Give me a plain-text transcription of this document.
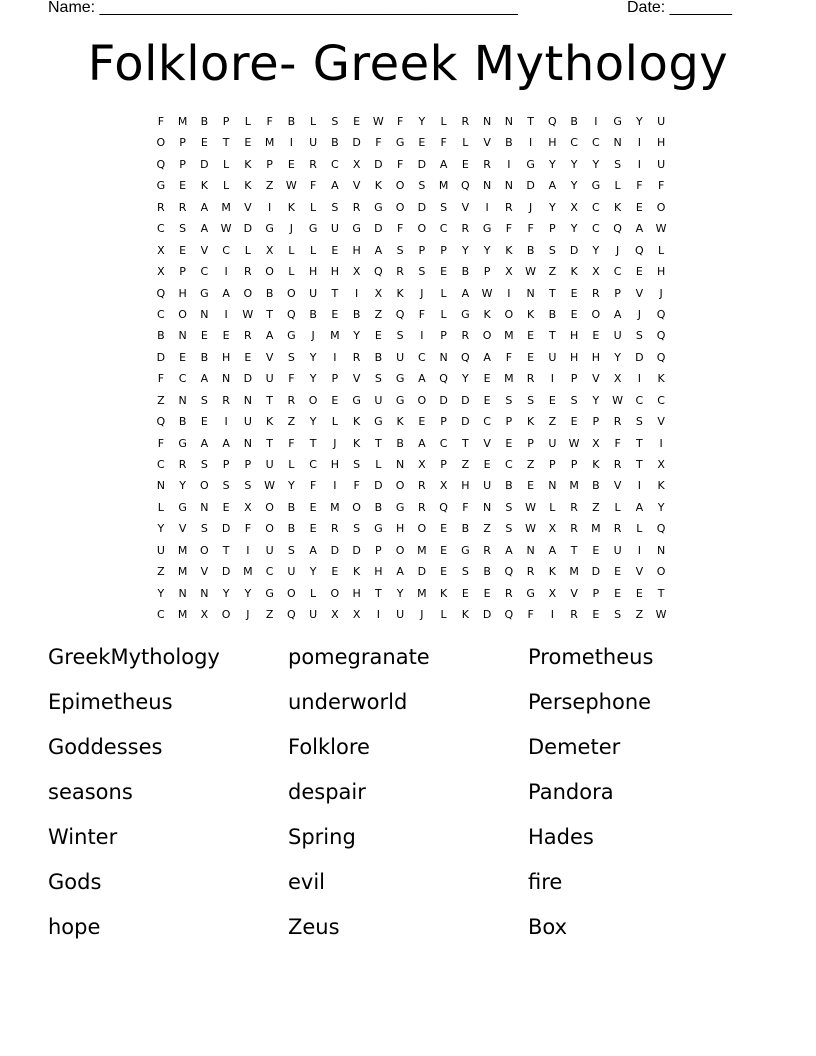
Name: _______________________________________________	Date: _______
Folklore- Greek Mythology
F	M	B	P	L	F	B	L	S	E	W	F	Y	L	R	N	N	T	Q	B	I	G	Y	U
O	P	E	T	E	M	I	U	B	D	F	G	E	F	L	V	B	I	H	C	C	N	I	H
Q	P	D	L	K	P	E	R	C	X	D	F	D	A	E	R	I	G	Y	Y	Y	S	I	U
G	E	K	L	K	Z	W	F	A	V	K	O	S	M	Q	N	N	D	A	Y	G	L	F	F
R	R	A	M	V	I	K	L	S	R	G	O	D	S	V	I	R	J	Y	X	C	K	E	O
C	S	A	W	D	G	J	G	U	G	D	F	O	C	R	G	F	F	P	Y	C	Q	A	W
X	E	V	C	L	X	L	L	E	H	A	S	P	P	Y	Y	K	B	S	D	Y	J	Q	L
X	P	C	I	R	O	L	H	H	X	Q	R	S	E	B	P	X	W	Z	K	X	C	E	H
Q	H	G	A	O	B	O	U	T	I	X	K	J	L	A	W	I	N	T	E	R	P	V	J
C	O	N	I	W	T	Q	B	E	B	Z	Q	F	L	G	K	O	K	B	E	O	A	J	Q
B	N	E	E	R	A	G	J	M	Y	E	S	I	P	R	O	M	E	T	H	E	U	S	Q
D	E	B	H	E	V	S	Y	I	R	B	U	C	N	Q	A	F	E	U	H	H	Y	D	Q
F	C	A	N	D	U	F	Y	P	V	S	G	A	Q	Y	E	M	R	I	P	V	X	I	K
Z	N	S	R	N	T	R	O	E	G	U	G	O	D	D	E	S	S	E	S	Y	W	C	C
Q	B	E	I	U	K	Z	Y	L	K	G	K	E	P	D	C	P	K	Z	E	P	R	S	V
F	G	A	A	N	T	F	T	J	K	T	B	A	C	T	V	E	P	U	W	X	F	T	I
C	R	S	P	P	U	L	C	H	S	L	N	X	P	Z	E	C	Z	P	P	K	R	T	X
N	Y	O	S	S	W	Y	F	I	F	D	O	R	X	H	U	B	E	N	M	B	V	I	K
L	G	N	E	X	O	B	E	M	O	B	G	R	Q	F	N	S	W	L	R	Z	L	A	Y
Y	V	S	D	F	O	B	E	R	S	G	H	O	E	B	Z	S	W	X	R	M	R	L	Q
U	M	O	T	I	U	S	A	D	D	P	O	M	E	G	R	A	N	A	T	E	U	I	N
Z	M	V	D	M	C	U	Y	E	K	H	A	D	E	S	B	Q	R	K	M	D	E	V	O
Y	N	N	Y	Y	G	O	L	O	H	T	Y	M	K	E	E	R	G	X	V	P	E	E	T
C	M	X	O	J	Z	Q	U	X	X	I	U	J	L	K	D	Q	F	I	R	E	S	Z	W
GreekMythology	pomegranate	Prometheus
Epimetheus	underworld	Persephone
Goddesses	Folklore	Demeter
seasons	despair	Pandora
Winter	Spring	Hades
Gods	evil	fire
hope	Zeus	Box
